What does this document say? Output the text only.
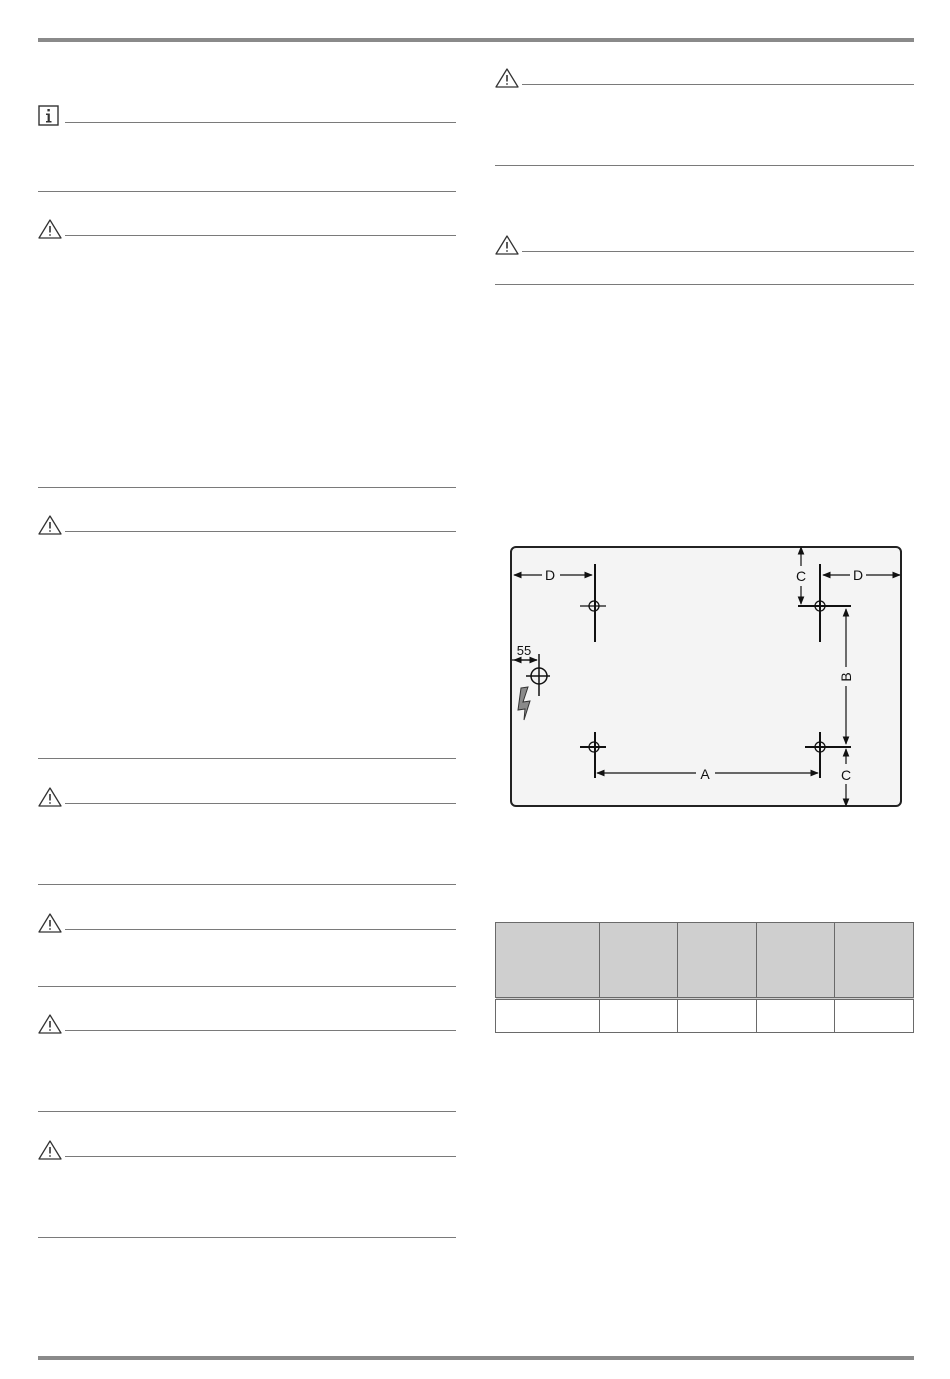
D	D
C
B
C
A
55
